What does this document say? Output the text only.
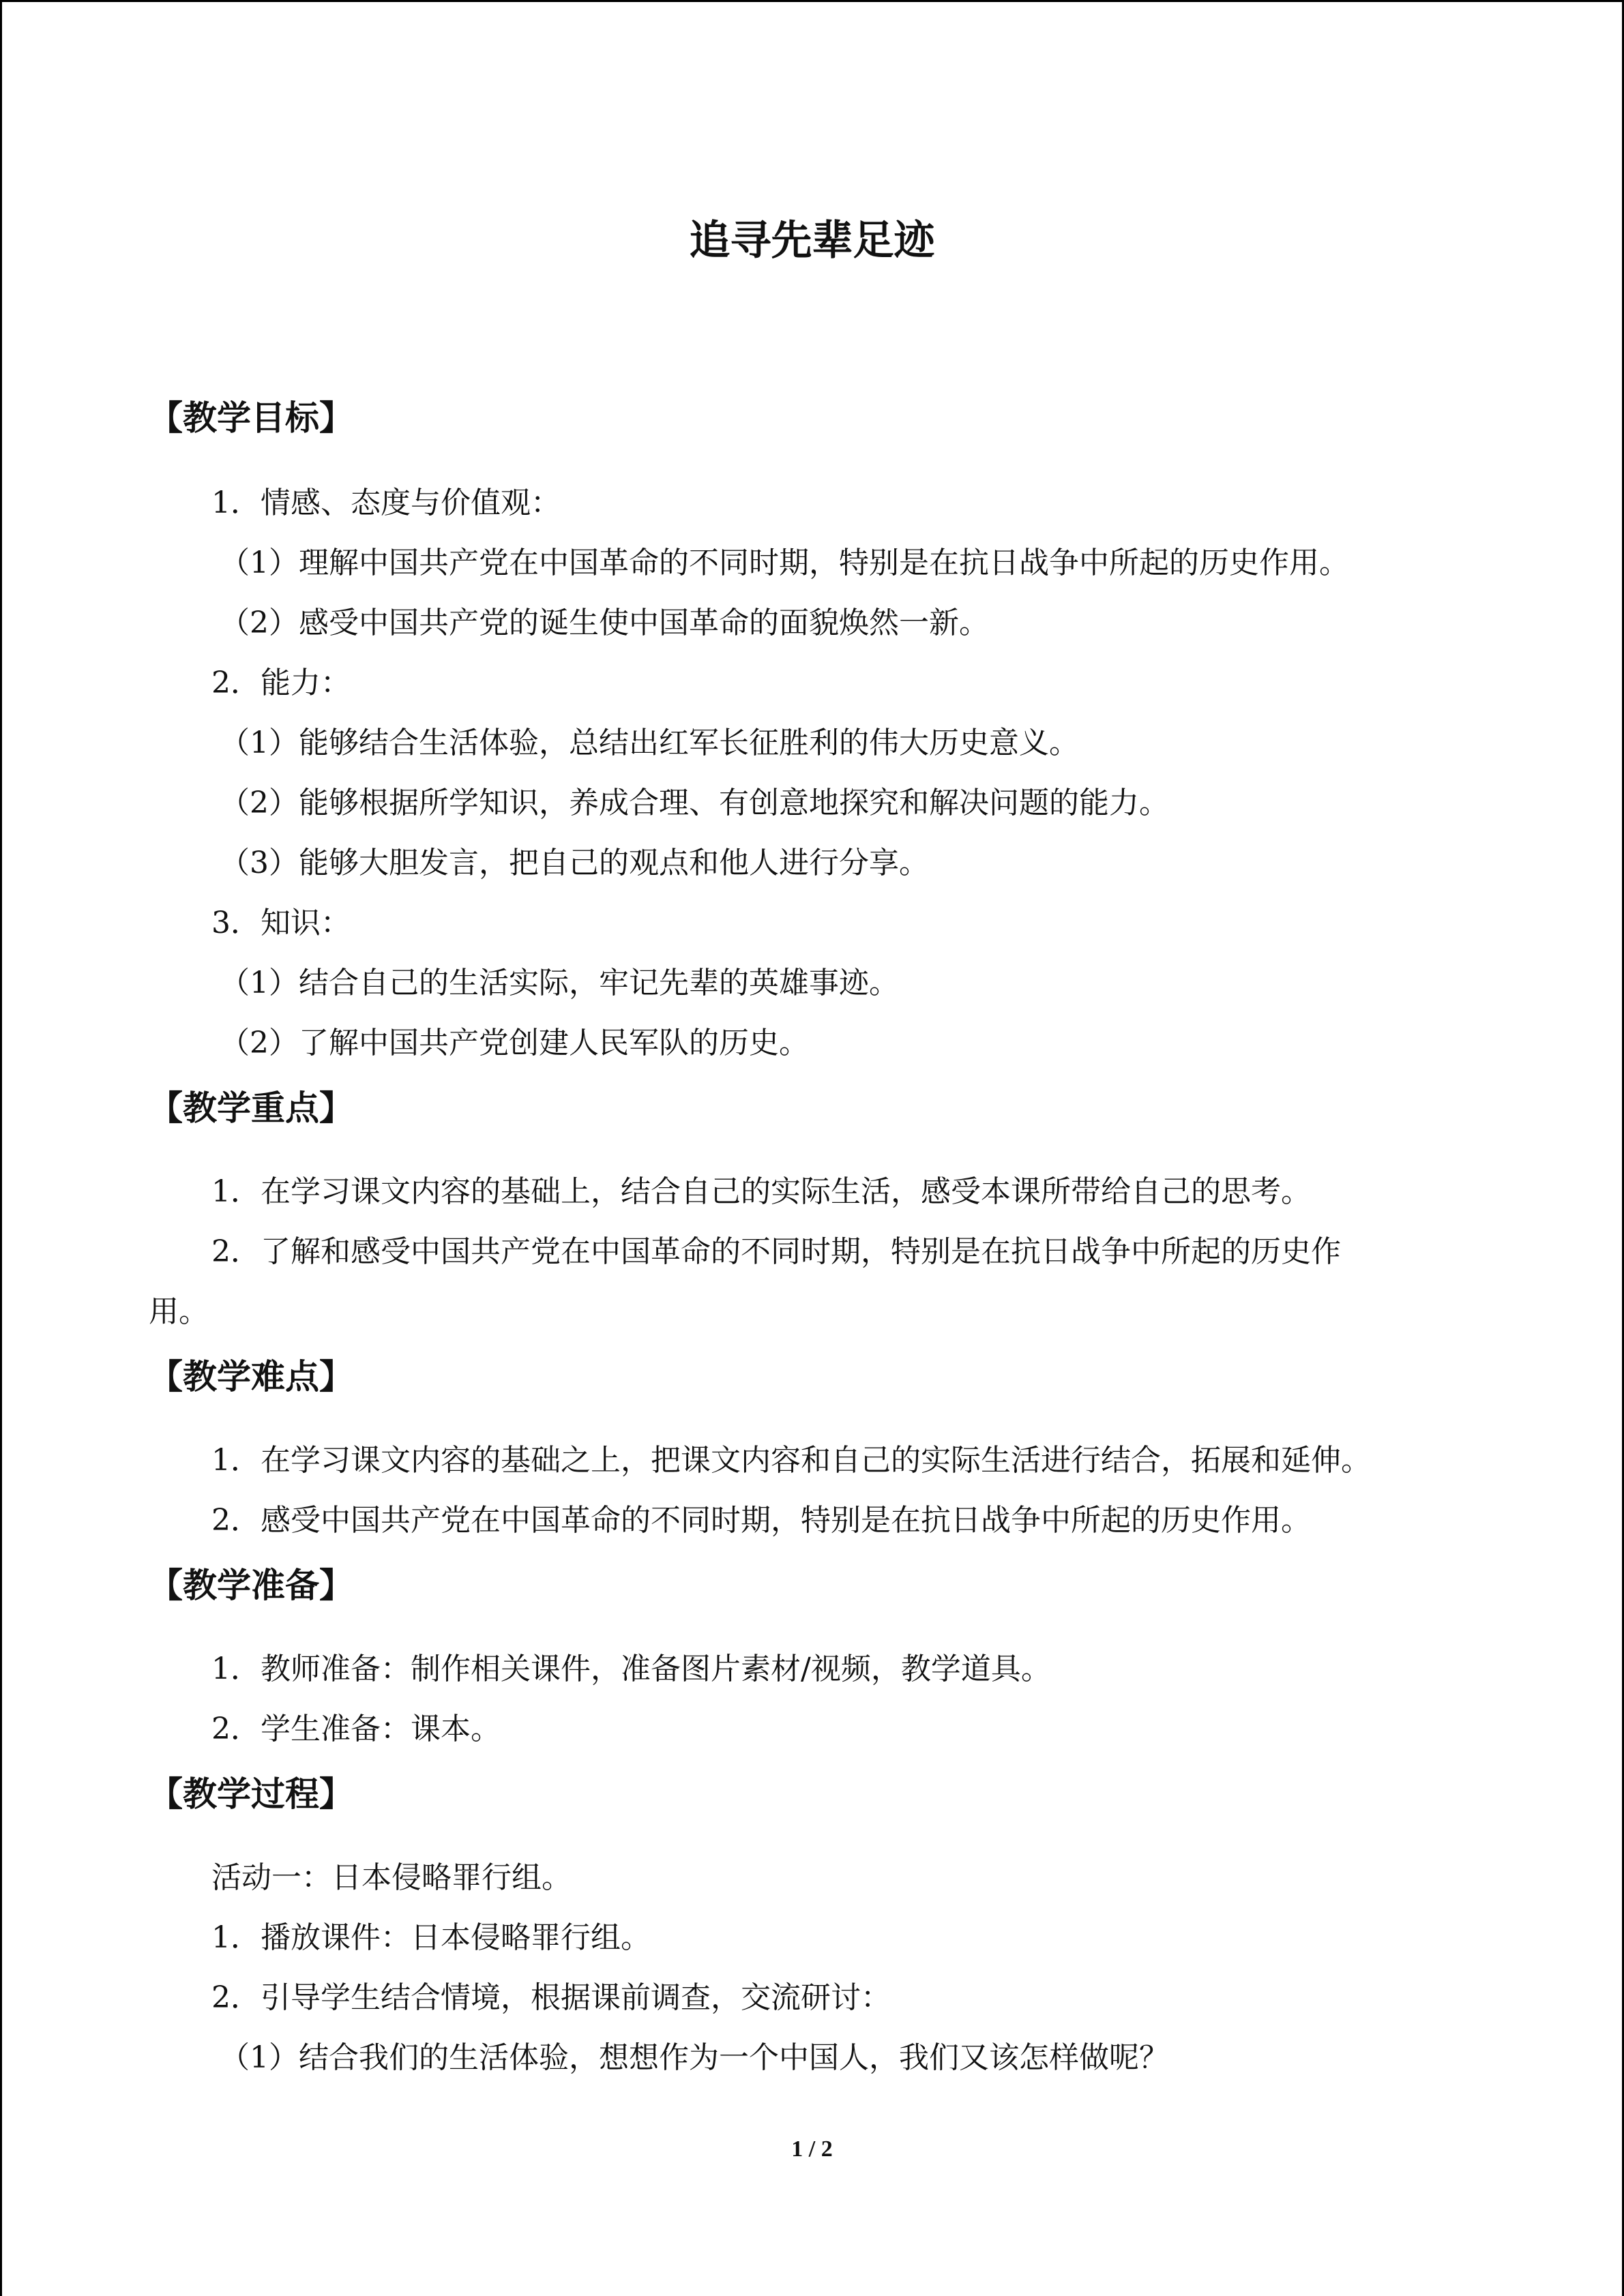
追寻先辈足迹
【教学目标】
1．情感、态度与价值观：
（1）理解中国共产党在中国革命的不同时期，特别是在抗日战争中所起的历史作用。
（2）感受中国共产党的诞生使中国革命的面貌焕然一新。
2．能力：
（1）能够结合生活体验，总结出红军长征胜利的伟大历史意义。
（2）能够根据所学知识，养成合理、有创意地探究和解决问题的能力。
（3）能够大胆发言，把自己的观点和他人进行分享。
3．知识：
（1）结合自己的生活实际，牢记先辈的英雄事迹。
（2）了解中国共产党创建人民军队的历史。
【教学重点】
1．在学习课文内容的基础上，结合自己的实际生活，感受本课所带给自己的思考。
2．了解和感受中国共产党在中国革命的不同时期，特别是在抗日战争中所起的历史作
用。
【教学难点】
1．在学习课文内容的基础之上，把课文内容和自己的实际生活进行结合，拓展和延伸。
2．感受中国共产党在中国革命的不同时期，特别是在抗日战争中所起的历史作用。
【教学准备】
1．教师准备：制作相关课件，准备图片素材/视频，教学道具。
2．学生准备：课本。
【教学过程】
活动一：日本侵略罪行组。
1．播放课件：日本侵略罪行组。
2．引导学生结合情境，根据课前调查，交流研讨：
（1）结合我们的生活体验，想想作为一个中国人，我们又该怎样做呢？
1 / 2
